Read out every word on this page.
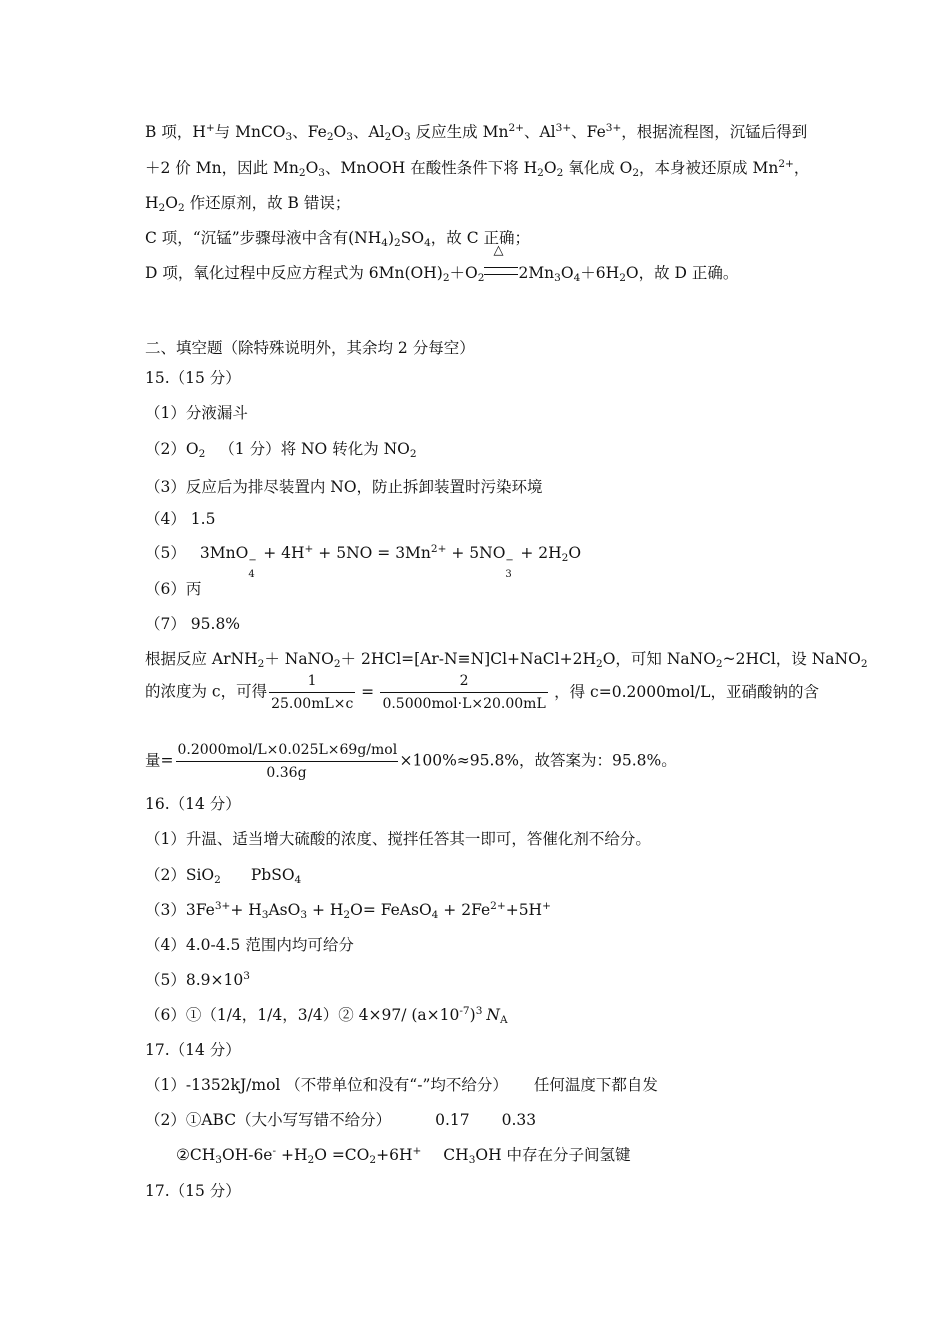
B 项，H+与 MnCO$_3$、$Fe_2O_3$、$Al_2O_3$ 反应生成 $Mn^{2+}$、$Al^{3+}$、$Fe^{3+}$，根据流程图，沉锰后得到
＋2 价 Mn，因此 $Mn_2O_3$、MnOOH 在酸性条件下将 $H_2O_2$ 氧化成 $O_2$，本身被还原成 $Mn^{2+}$，
$H_2O_2$ 作还原剂，故 B 错误；
C 项，“沉锰”步骤母液中含有$(NH_4)_2SO_4$，故 C 正确；
D 项，氧化过程中反应方程式为 $6Mn(OH)_2+O_2$
△
$2Mn_3O_4+6H_2O$，故 D 正确。
二、填空题（除特殊说明外，其余均 2 分每空）
15.（15 分）
（1）分液漏斗
$(2)O_2$ （1 分）将 NO 转化为 $NO_2$
（3）反应后为排尽装置内 NO，防止拆卸装置时污染环境
（4） 1.5
（5） 3MnO −
4
+ $4H^+ + 5NO = 3Mn^{2+} + 5NO$ −
3
+ $2H_2O$
（6）丙
（7） 95.8%
根据反应 ArNH$_2$＋ NaNO$_2$＋ $2HCl=[Ar-N\equiv N]Cl+NaCl+2H_2O$，可知 NaNO$_2$~2HCl，设 NaNO$_2$
的浓度为 c，可得 $\frac{1}{25.00mL\times c} = \frac{2}{\text{0.5000mol·L×20.00mL}}$ ，得 c=0.2000mol/L，亚硝酸钠的含
量= $\frac{\text{0.2000mol/L×0.025L×69g/mol}}{0.36g} \times 100\%\approx 95.8\%$，故答案为：95.8%。
16.（14 分）
（1）升温、适当增大硫酸的浓度、搅拌任答其一即可，答催化剂不给分。
（2）SiO$_2$ PbSO$_4$
$(3)3Fe^{3+}+ H_3AsO_3 + H_2O=$ FeAsO$_4$ + $2Fe^{2+}+5H^+$
（4）4.0-4.5 范围内均可给分
$(5)8.9\times 10^3$
（6）①（1/4，1/4，3/4）② 4×97/ $(a\times 10^{-7})^3$ $N_A$
17.（14 分）
（1）-1352kJ/mol （不带单位和没有“-”均不给分） 任何温度下都自发
（2）①ABC（大小写写错不给分）	0.17 0.33
$②CH_3OH-6e^- +H_2O =CO_2+6H^+$ $CH_3OH$ 中存在分子间氢键
17.（15 分）
